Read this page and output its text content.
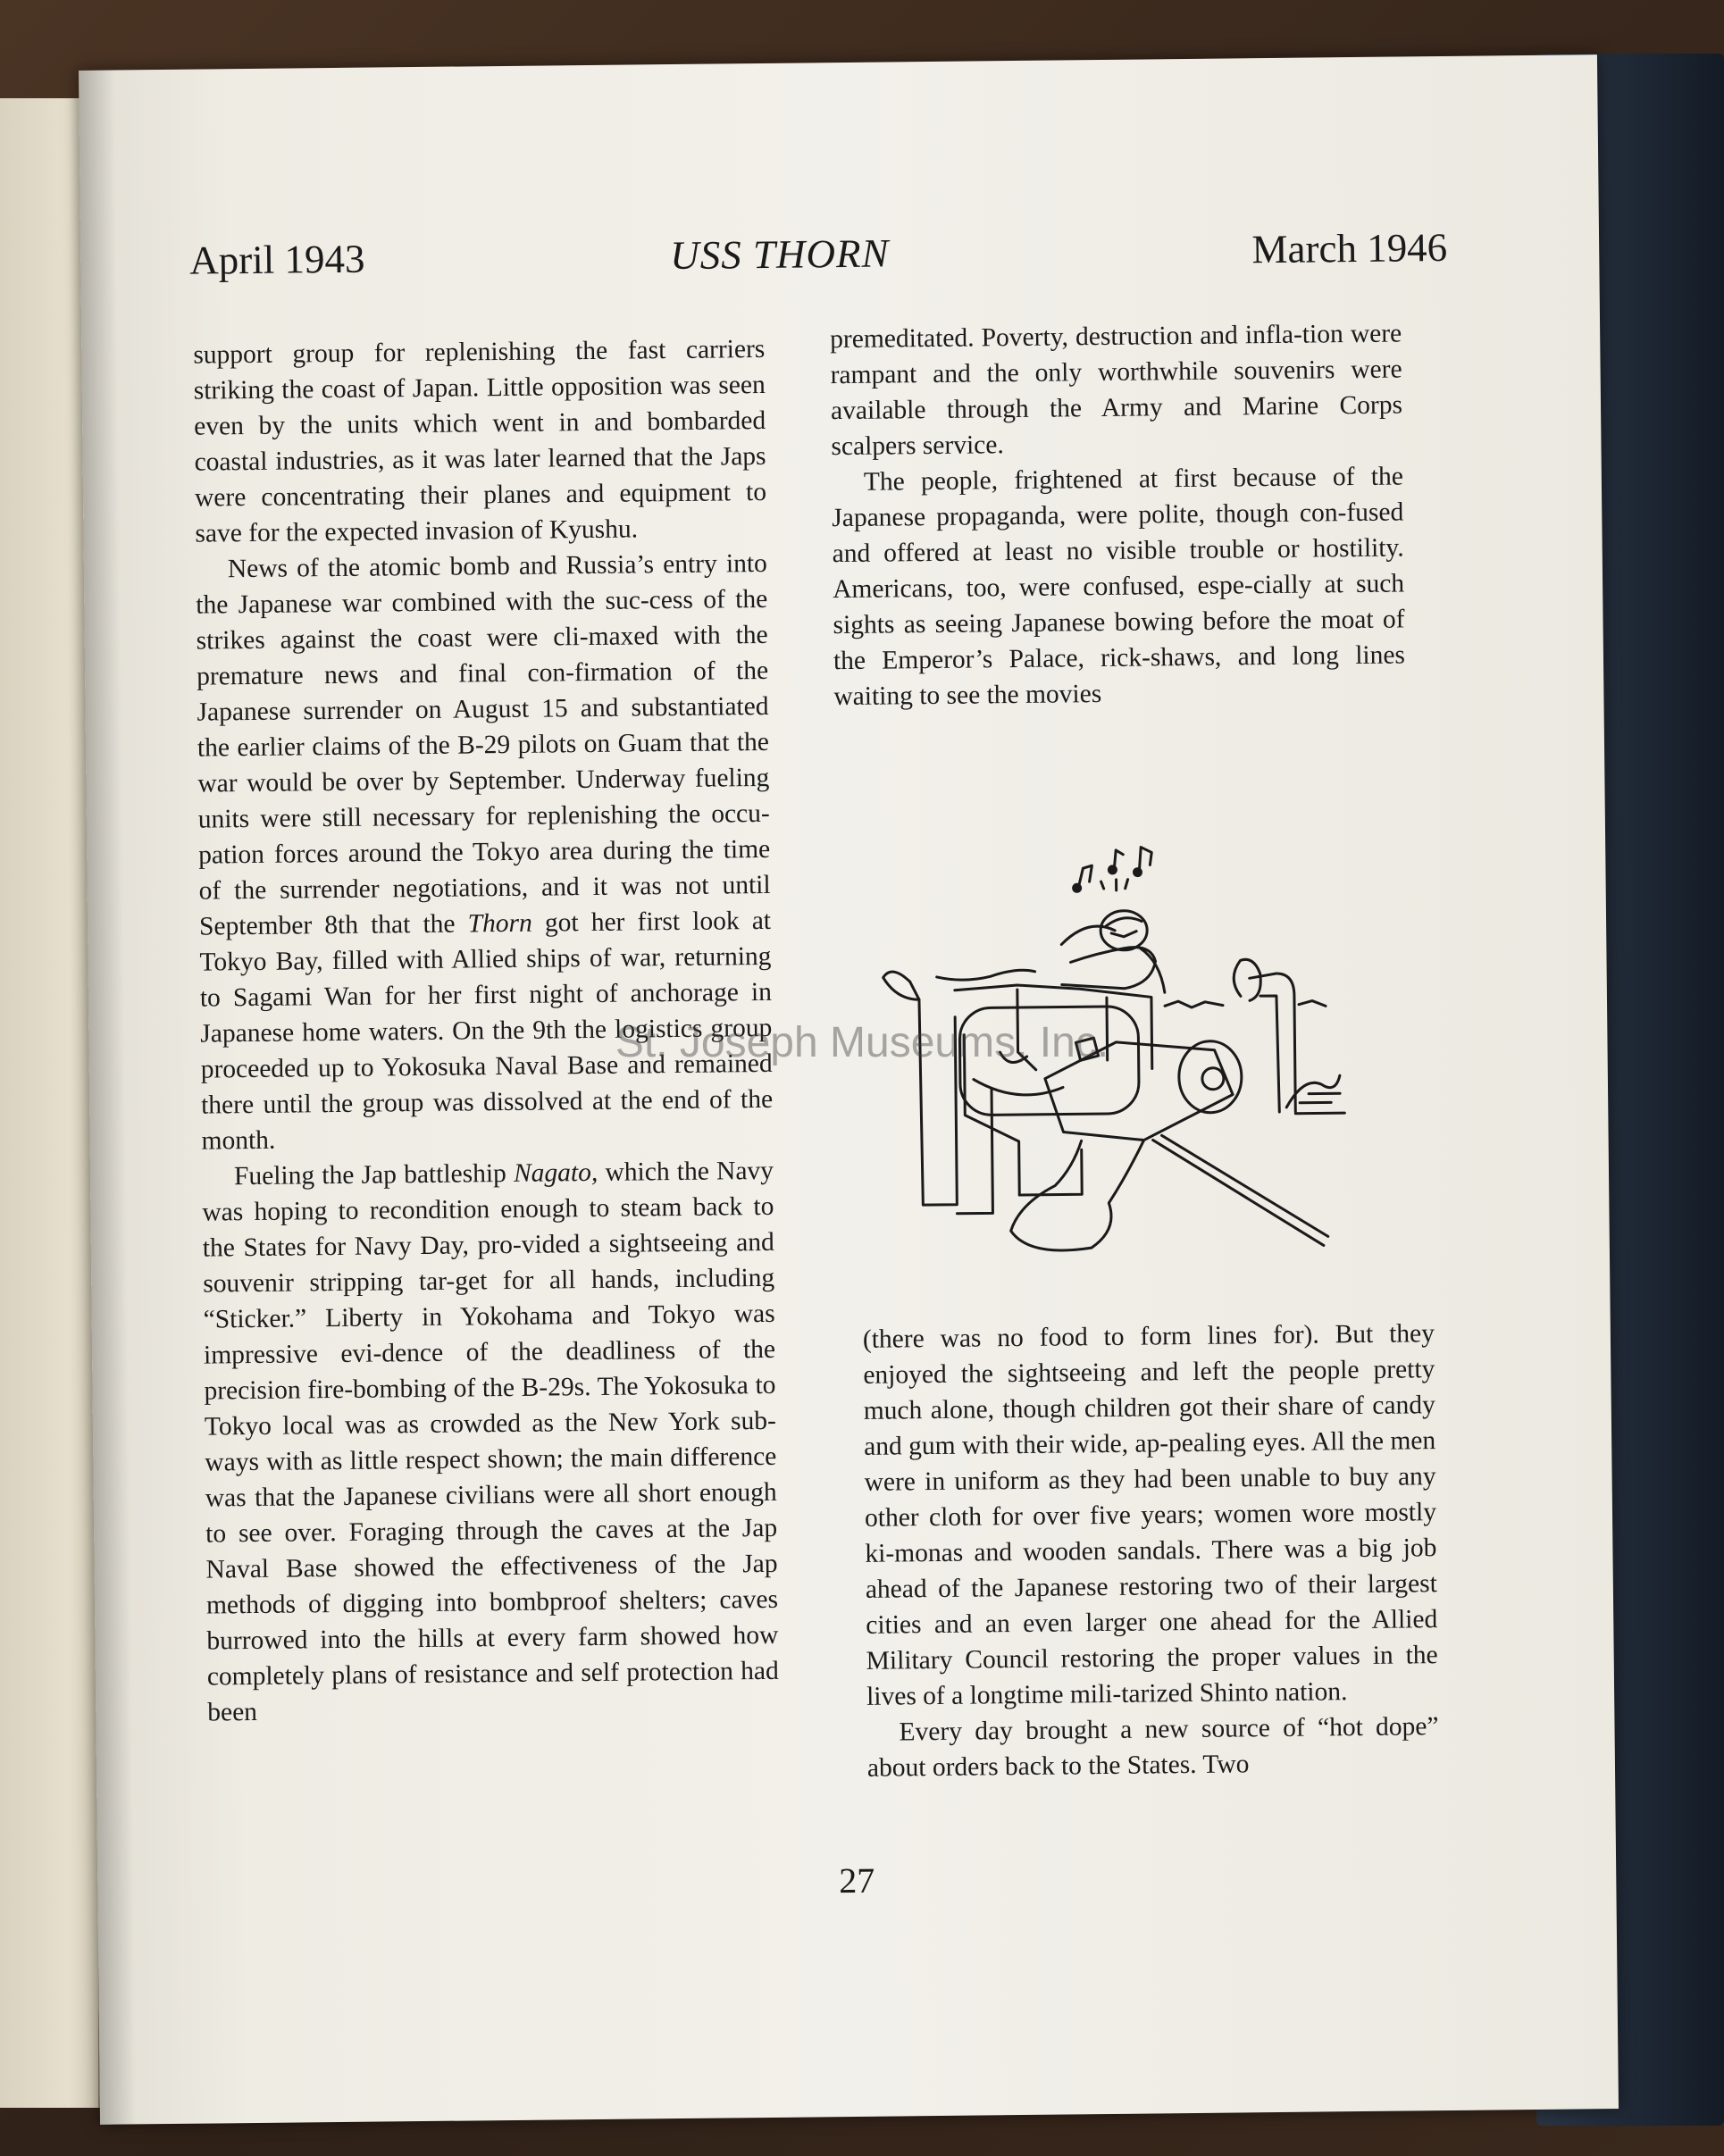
April 1943	USS THORN	March 1946

support group for replenishing the fast carriers striking the coast of Japan. Little opposition was seen even by the units which went in and bombarded coastal industries, as it was later learned that the Japs were concentrating their planes and equipment to save for the expected invasion of Kyushu.

News of the atomic bomb and Russia’s entry into the Japanese war combined with the suc-cess of the strikes against the coast were cli-maxed with the premature news and final con-firmation of the Japanese surrender on August 15 and substantiated the earlier claims of the B-29 pilots on Guam that the war would be over by September. Underway fueling units were still necessary for replenishing the occu-pation forces around the Tokyo area during the time of the surrender negotiations, and it was not until September 8th that the Thorn got her first look at Tokyo Bay, filled with Allied ships of war, returning to Sagami Wan for her first night of anchorage in Japanese home waters. On the 9th the logistics group proceeded up to Yokosuka Naval Base and remained there until the group was dissolved at the end of the month.

Fueling the Jap battleship Nagato, which the Navy was hoping to recondition enough to steam back to the States for Navy Day, pro-vided a sightseeing and souvenir stripping tar-get for all hands, including “Sticker.” Liberty in Yokohama and Tokyo was impressive evi-dence of the deadliness of the precision fire-bombing of the B-29s. The Yokosuka to Tokyo local was as crowded as the New York sub-ways with as little respect shown; the main difference was that the Japanese civilians were all short enough to see over. Foraging through the caves at the Jap Naval Base showed the effectiveness of the Jap methods of digging into bombproof shelters; caves burrowed into the hills at every farm showed how completely plans of resistance and self protection had been

premeditated. Poverty, destruction and infla-tion were rampant and the only worthwhile souvenirs were available through the Army and Marine Corps scalpers service.

The people, frightened at first because of the Japanese propaganda, were polite, though con-fused and offered at least no visible trouble or hostility. Americans, too, were confused, espe-cially at such sights as seeing Japanese bowing before the moat of the Emperor’s Palace, rick-shaws, and long lines waiting to see the movies

(there was no food to form lines for). But they enjoyed the sightseeing and left the people pretty much alone, though children got their share of candy and gum with their wide, ap-pealing eyes. All the men were in uniform as they had been unable to buy any other cloth for over five years; women wore mostly ki-monas and wooden sandals. There was a big job ahead of the Japanese restoring two of their largest cities and an even larger one ahead for the Allied Military Council restoring the proper values in the lives of a longtime mili-tarized Shinto nation.

Every day brought a new source of “hot dope” about orders back to the States. Two

27
St. Joseph Museums, Inc.
